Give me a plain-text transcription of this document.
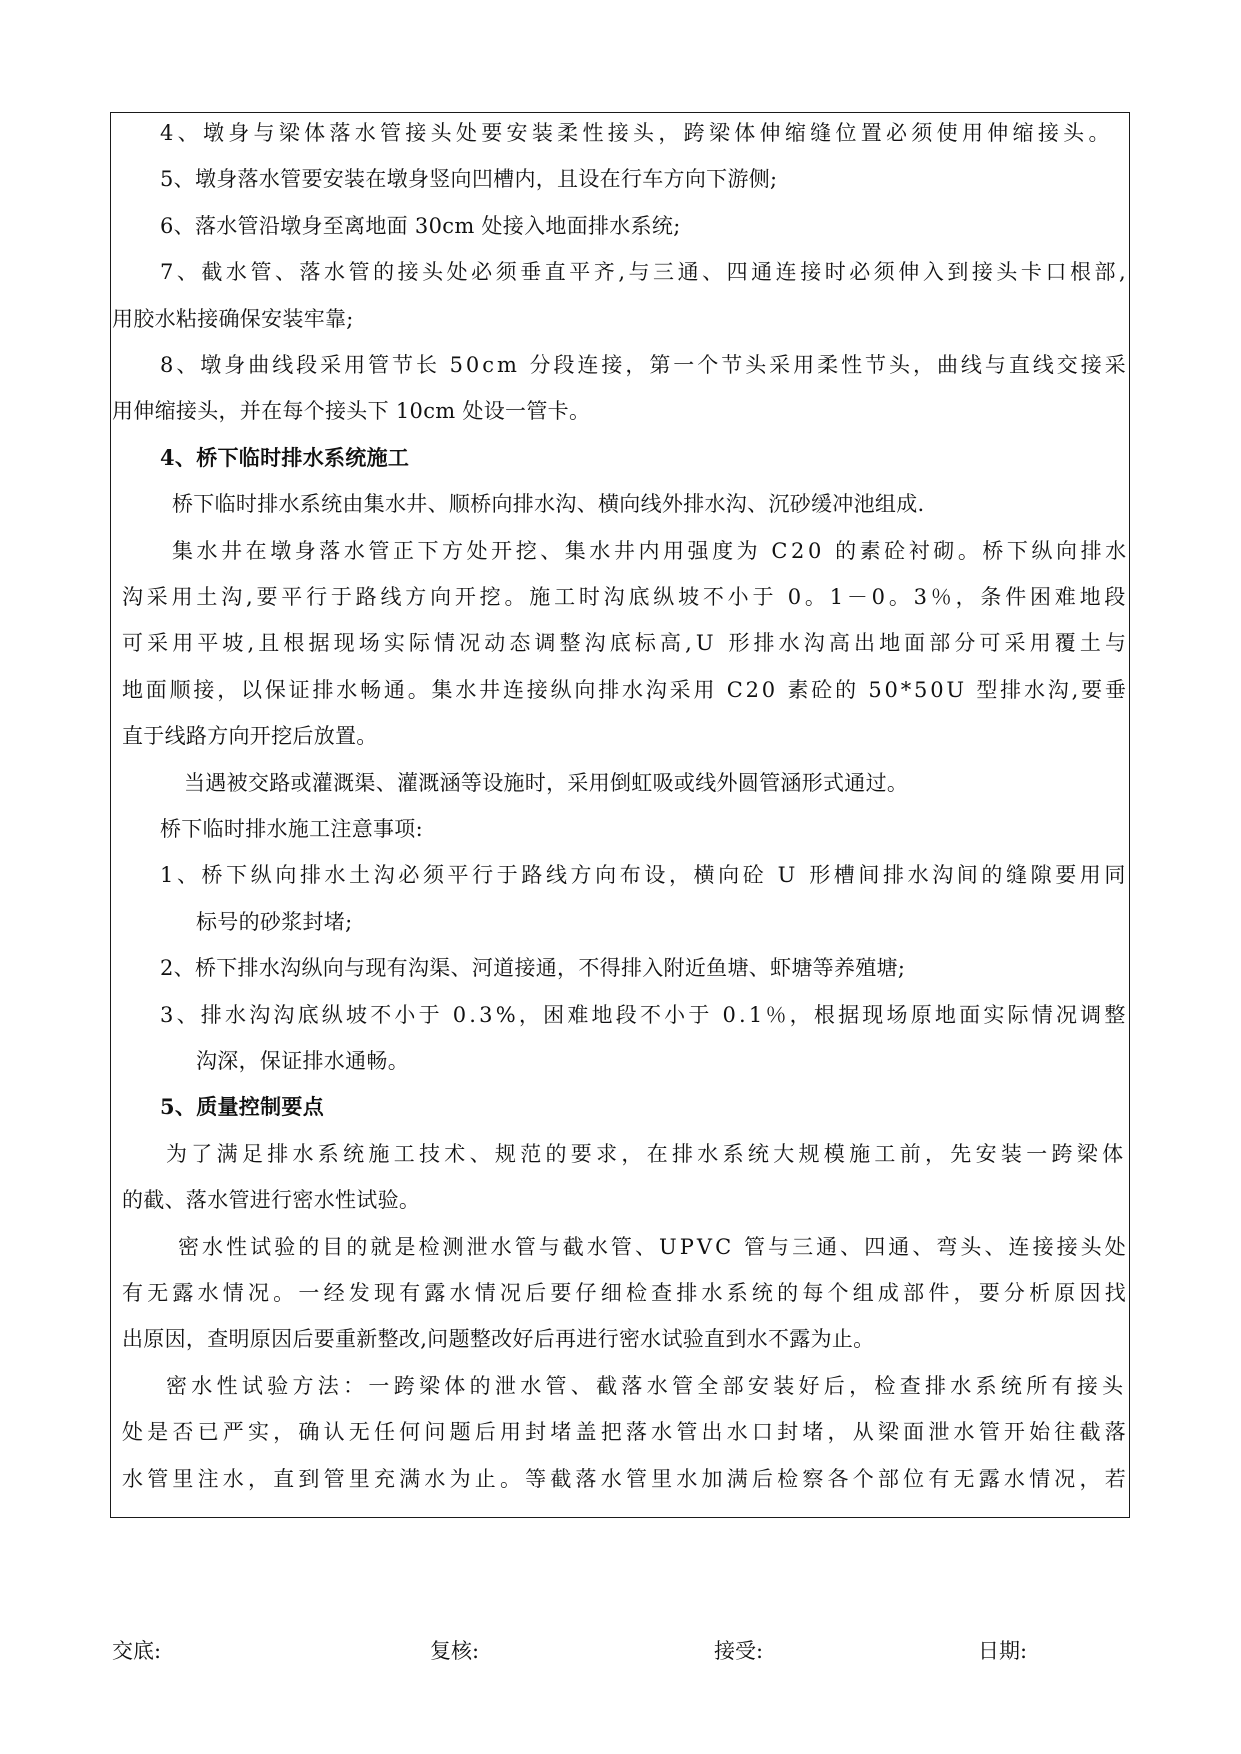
4、墩身与梁体落水管接头处要安装柔性接头，跨梁体伸缩缝位置必须使用伸缩接头。
5、墩身落水管要安装在墩身竖向凹槽内，且设在行车方向下游侧;
6、落水管沿墩身至离地面 30cm 处接入地面排水系统;
7、截水管、落水管的接头处必须垂直平齐,与三通、四通连接时必须伸入到接头卡口根部,
用胶水粘接确保安装牢靠;
8、墩身曲线段采用管节长 50cm 分段连接，第一个节头采用柔性节头，曲线与直线交接采
用伸缩接头，并在每个接头下 10cm 处设一管卡。
4、桥下临时排水系统施工
桥下临时排水系统由集水井、顺桥向排水沟、横向线外排水沟、沉砂缓冲池组成.
集水井在墩身落水管正下方处开挖、集水井内用强度为 C20 的素砼衬砌。桥下纵向排水
沟采用土沟,要平行于路线方向开挖。施工时沟底纵坡不小于 0。1－0。3％，条件困难地段
可采用平坡,且根据现场实际情况动态调整沟底标高,U 形排水沟高出地面部分可采用覆土与
地面顺接，以保证排水畅通。集水井连接纵向排水沟采用 C20 素砼的 50*50U 型排水沟,要垂
直于线路方向开挖后放置。
当遇被交路或灌溉渠、灌溉涵等设施时，采用倒虹吸或线外圆管涵形式通过。
桥下临时排水施工注意事项:
1、桥下纵向排水土沟必须平行于路线方向布设，横向砼 U 形槽间排水沟间的缝隙要用同
标号的砂浆封堵;
2、桥下排水沟纵向与现有沟渠、河道接通，不得排入附近鱼塘、虾塘等养殖塘;
3、排水沟沟底纵坡不小于 0.3%，困难地段不小于 0.1％，根据现场原地面实际情况调整
沟深，保证排水通畅。
5、质量控制要点
为了满足排水系统施工技术、规范的要求，在排水系统大规模施工前，先安装一跨梁体
的截、落水管进行密水性试验。
密水性试验的目的就是检测泄水管与截水管、UPVC 管与三通、四通、弯头、连接接头处
有无露水情况。一经发现有露水情况后要仔细检查排水系统的每个组成部件，要分析原因找
出原因，查明原因后要重新整改,问题整改好后再进行密水试验直到水不露为止。
密水性试验方法：一跨梁体的泄水管、截落水管全部安装好后，检查排水系统所有接头
处是否已严实，确认无任何问题后用封堵盖把落水管出水口封堵，从梁面泄水管开始往截落
水管里注水，直到管里充满水为止。等截落水管里水加满后检察各个部位有无露水情况，若
交底:	复核:	接受:	日期:
